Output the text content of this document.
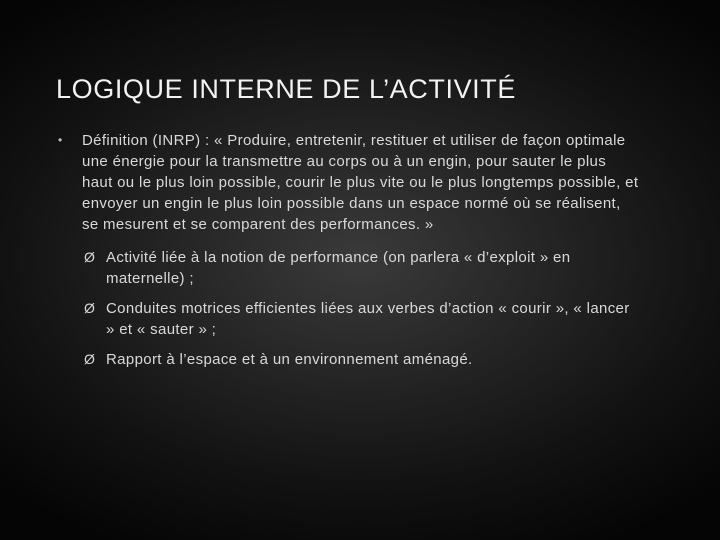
LOGIQUE INTERNE DE L’ACTIVITÉ
•	Définition (INRP) : « Produire, entretenir, restituer et utiliser de façon optimale une énergie pour la transmettre au corps ou à un engin, pour sauter le plus haut ou le plus loin possible, courir le plus vite ou le plus longtemps possible, et envoyer un engin le plus loin possible dans un espace normé où se réalisent, se mesurent et se comparent des performances. »
Ø Activité liée à la notion de performance (on parlera « d’exploit » en maternelle) ;
Ø Conduites motrices efficientes liées aux verbes d’action « courir », « lancer » et « sauter » ;
Ø Rapport à l’espace et à un environnement aménagé.
